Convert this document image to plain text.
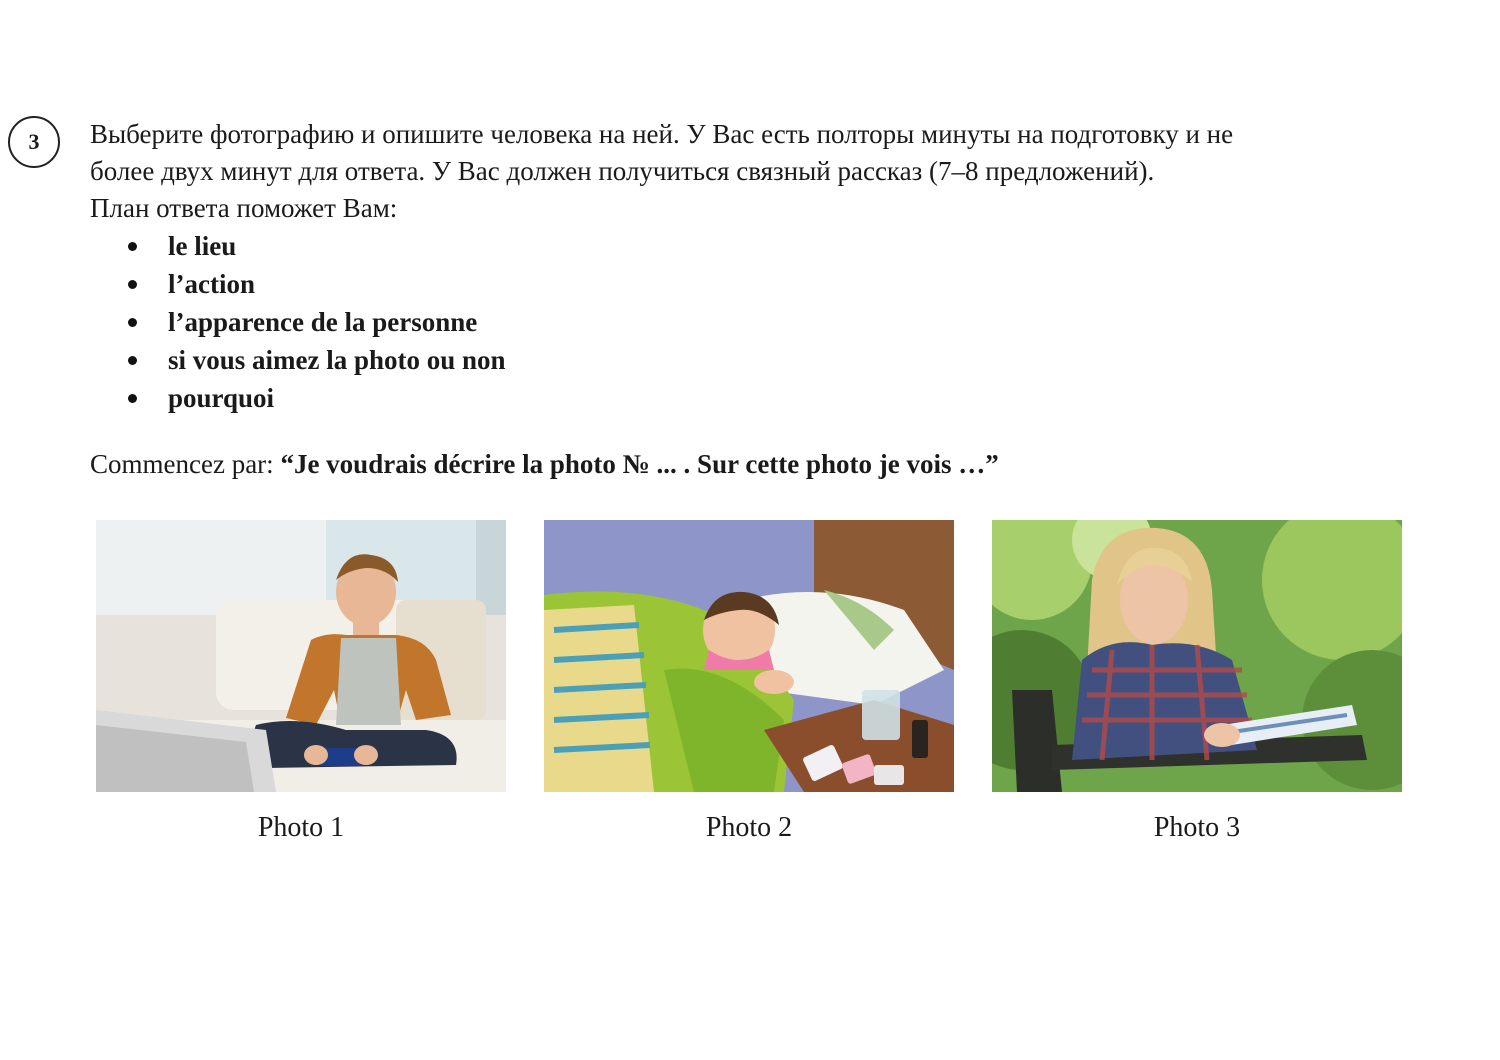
3 Выберите фотографию и опишите человека на ней. У Вас есть полторы минуты на подготовку и не

более двух минут для ответа. У Вас должен получиться связный рассказ (7–8 предложений).

План ответа поможет Вам:

le lieu
l’action
l’apparence de la personne
si vous aimez la photo ou non
pourquoi

Commencez par: “Je voudrais décrire la photo № ... . Sur cette photo je vois …”

Photo 1	Photo 2	Photo 3
